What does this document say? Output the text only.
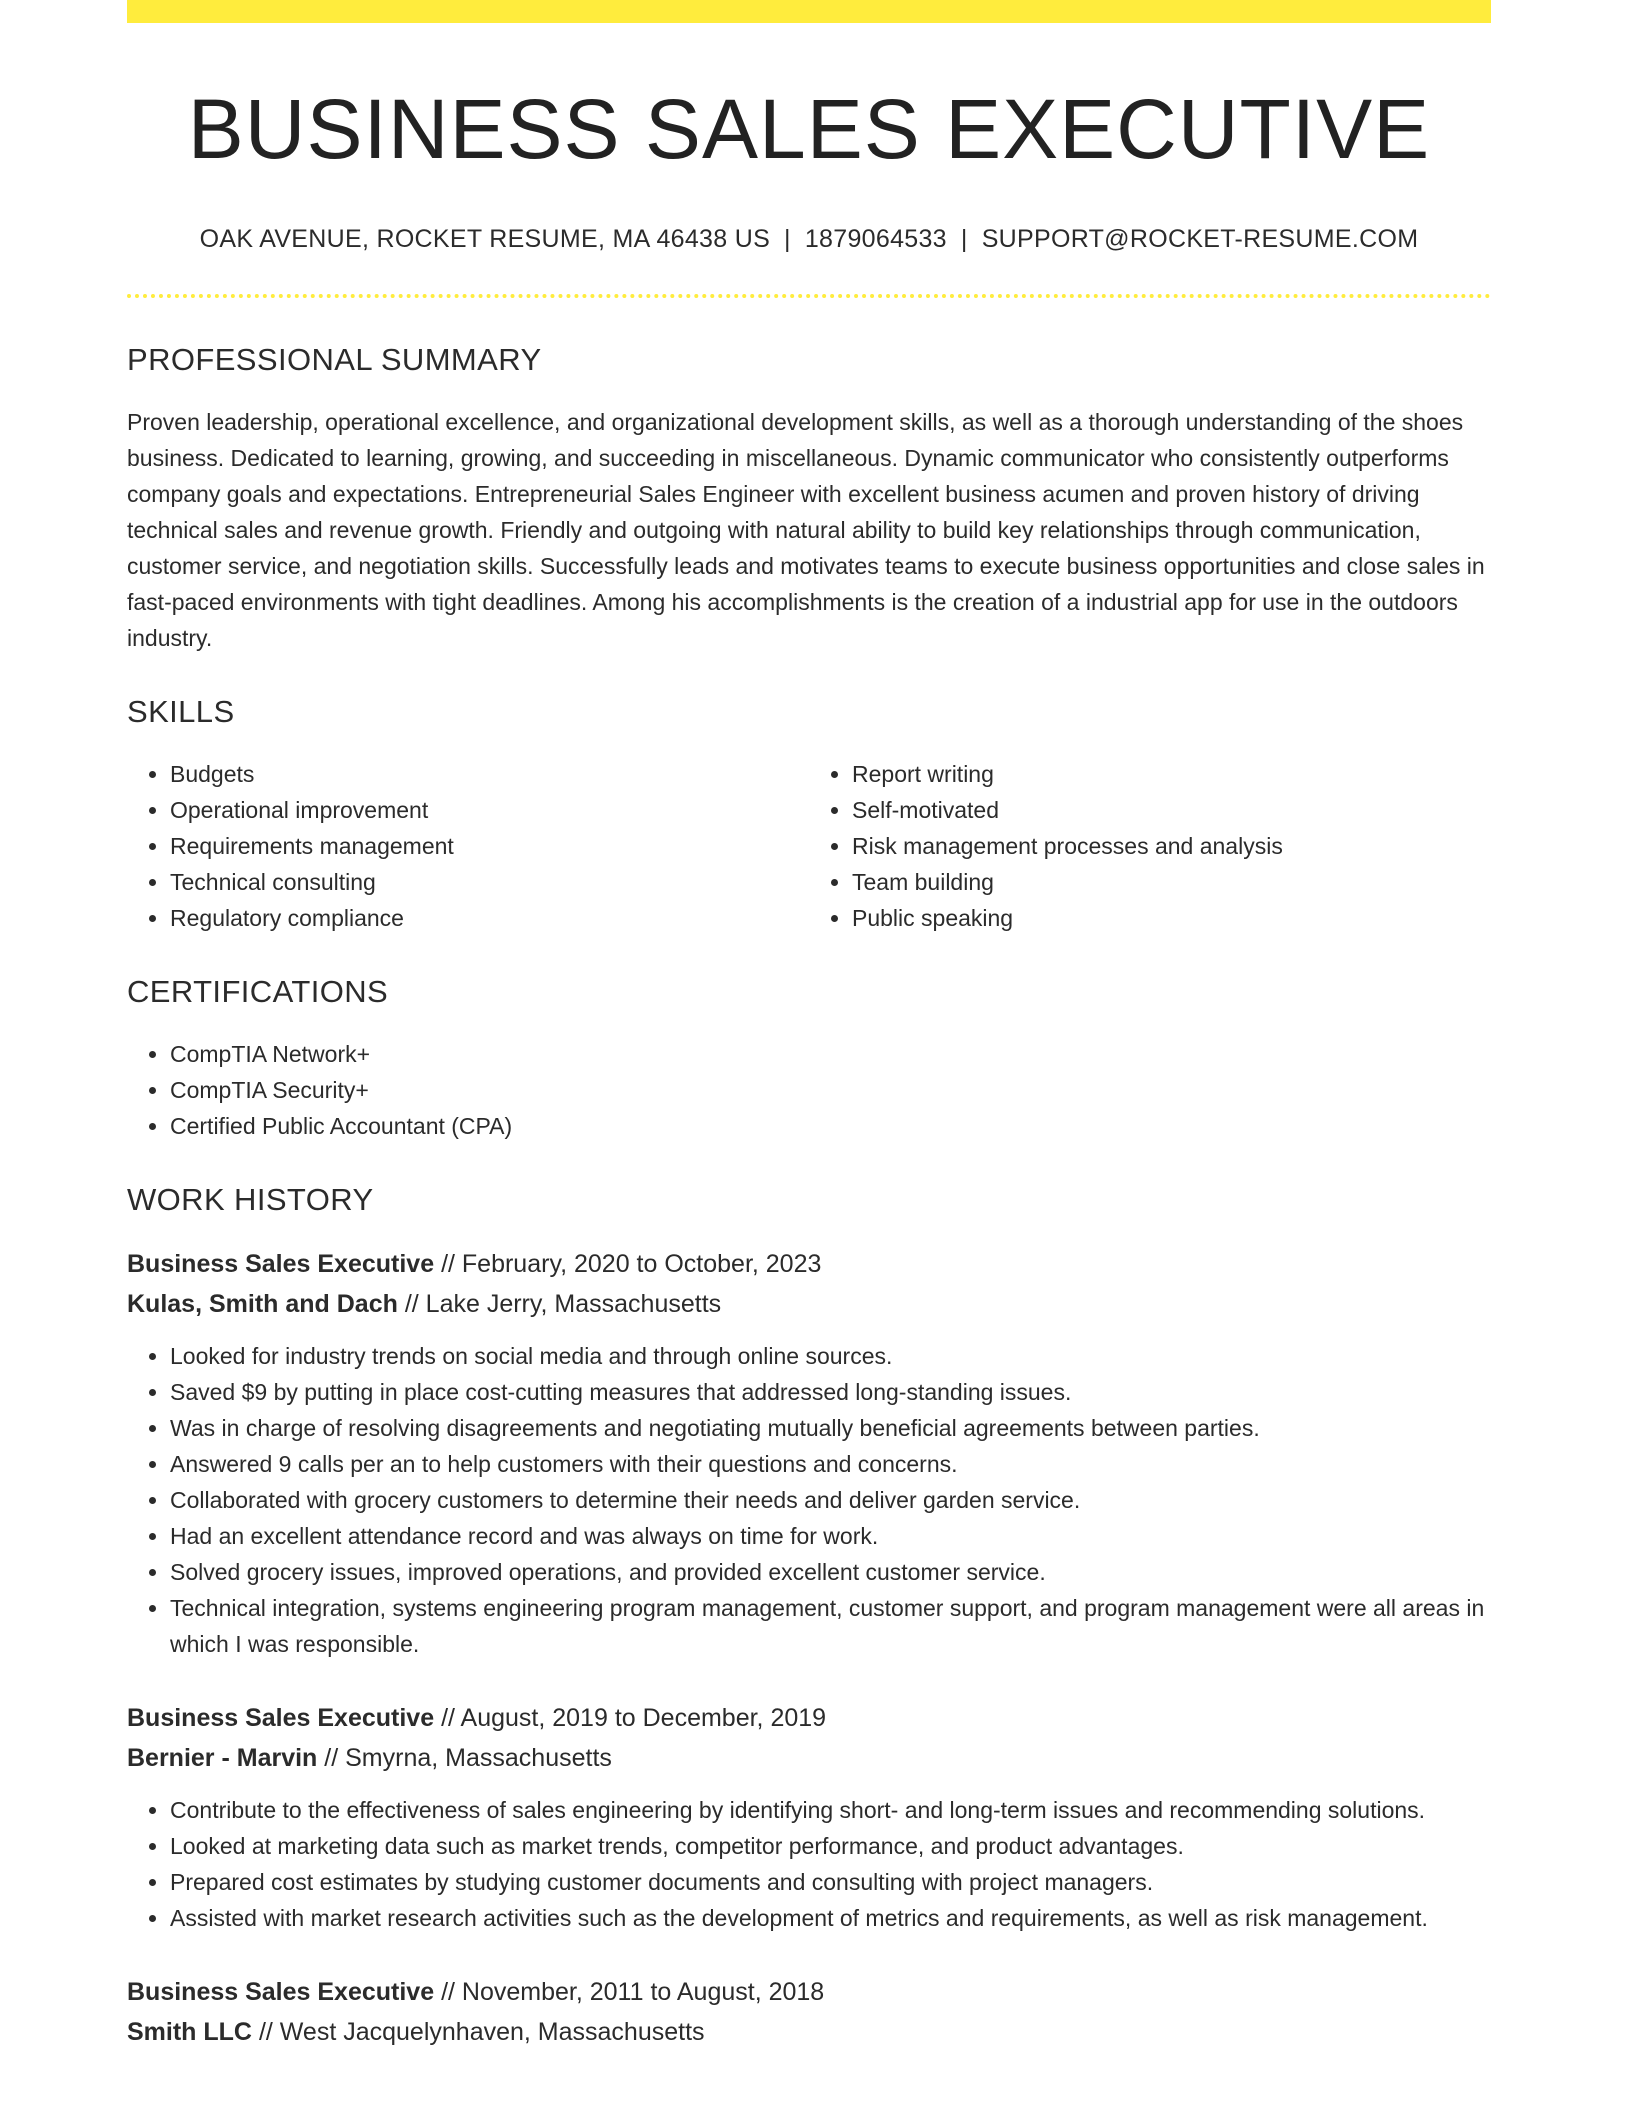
BUSINESS SALES EXECUTIVE
OAK AVENUE, ROCKET RESUME, MA 46438 US | 1879064533 | SUPPORT@ROCKET-RESUME.COM
PROFESSIONAL SUMMARY

Proven leadership, operational excellence, and organizational development skills, as well as a thorough understanding of the shoes business. Dedicated to learning, growing, and succeeding in miscellaneous. Dynamic communicator who consistently outperforms company goals and expectations. Entrepreneurial Sales Engineer with excellent business acumen and proven history of driving technical sales and revenue growth. Friendly and outgoing with natural ability to build key relationships through communication, customer service, and negotiation skills. Successfully leads and motivates teams to execute business opportunities and close sales in fast-paced environments with tight deadlines. Among his accomplishments is the creation of a industrial app for use in the outdoors industry.

SKILLS
• Budgets
• Operational improvement
• Requirements management
• Technical consulting
• Regulatory compliance
• Report writing
• Self-motivated
• Risk management processes and analysis
• Team building
• Public speaking
CERTIFICATIONS
• CompTIA Network+
• CompTIA Security+
• Certified Public Accountant (CPA)
WORK HISTORY
Business Sales Executive // February, 2020 to October, 2023
Kulas, Smith and Dach // Lake Jerry, Massachusetts
• Looked for industry trends on social media and through online sources.
• Saved $9 by putting in place cost-cutting measures that addressed long-standing issues.
• Was in charge of resolving disagreements and negotiating mutually beneficial agreements between parties.
• Answered 9 calls per an to help customers with their questions and concerns.
• Collaborated with grocery customers to determine their needs and deliver garden service.
• Had an excellent attendance record and was always on time for work.
• Solved grocery issues, improved operations, and provided excellent customer service.
• Technical integration, systems engineering program management, customer support, and program management were all areas in which I was responsible.
Business Sales Executive // August, 2019 to December, 2019
Bernier - Marvin // Smyrna, Massachusetts
• Contribute to the effectiveness of sales engineering by identifying short- and long-term issues and recommending solutions.
• Looked at marketing data such as market trends, competitor performance, and product advantages.
• Prepared cost estimates by studying customer documents and consulting with project managers.
• Assisted with market research activities such as the development of metrics and requirements, as well as risk management.
Business Sales Executive // November, 2011 to August, 2018
Smith LLC // West Jacquelynhaven, Massachusetts
